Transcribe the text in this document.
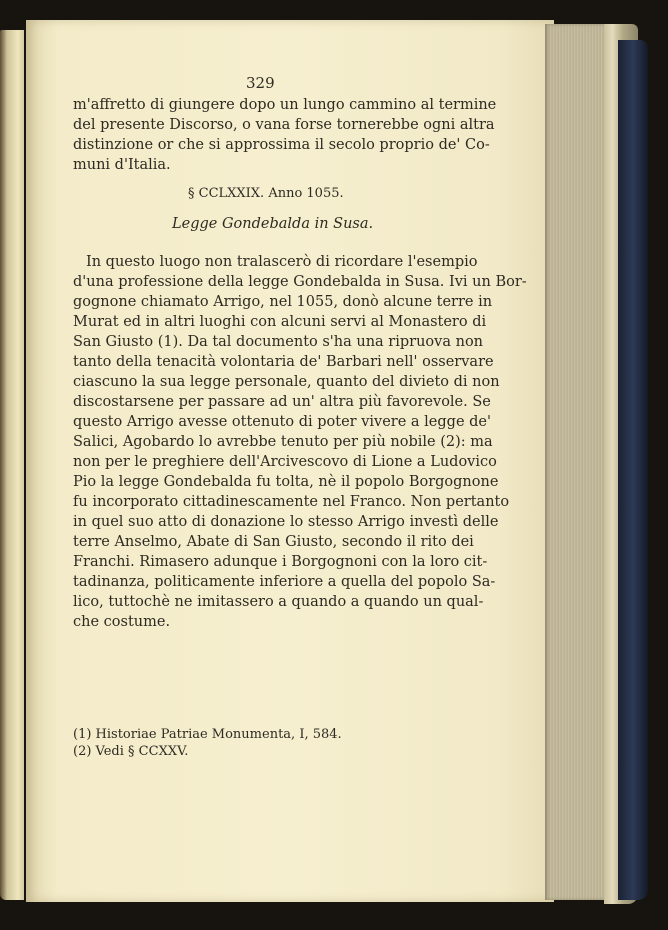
329
m'affretto di giungere dopo un lungo cammino al termine
del presente Discorso, o vana forse tornerebbe ogni altra
distinzione or che si approssima il secolo proprio de' Co-
muni d'Italia.
§ CCLXXIX. Anno 1055.
Legge Gondebalda in Susa.
In questo luogo non tralascerò di ricordare l'esempio
d'una professione della legge Gondebalda in Susa. Ivi un Bor-
gognone chiamato Arrigo, nel 1055, donò alcune terre in
Murat ed in altri luoghi con alcuni servi al Monastero di
San Giusto (1). Da tal documento s'ha una ripruova non
tanto della tenacità volontaria de' Barbari nell' osservare
ciascuno la sua legge personale, quanto del divieto di non
discostarsene per passare ad un' altra più favorevole. Se
questo Arrigo avesse ottenuto di poter vivere a legge de'
Salici, Agobardo lo avrebbe tenuto per più nobile (2): ma
non per le preghiere dell'Arcivescovo di Lione a Ludovico
Pio la legge Gondebalda fu tolta, nè il popolo Borgognone
fu incorporato cittadinescamente nel Franco. Non pertanto
in quel suo atto di donazione lo stesso Arrigo investì delle
terre Anselmo, Abate di San Giusto, secondo il rito dei
Franchi. Rimasero adunque i Borgognoni con la loro cit-
tadinanza, politicamente inferiore a quella del popolo Sa-
lico, tuttochè ne imitassero a quando a quando un qual-
che costume.
(1) Historiae Patriae Monumenta, I, 584.
(2) Vedi § CCXXV.
